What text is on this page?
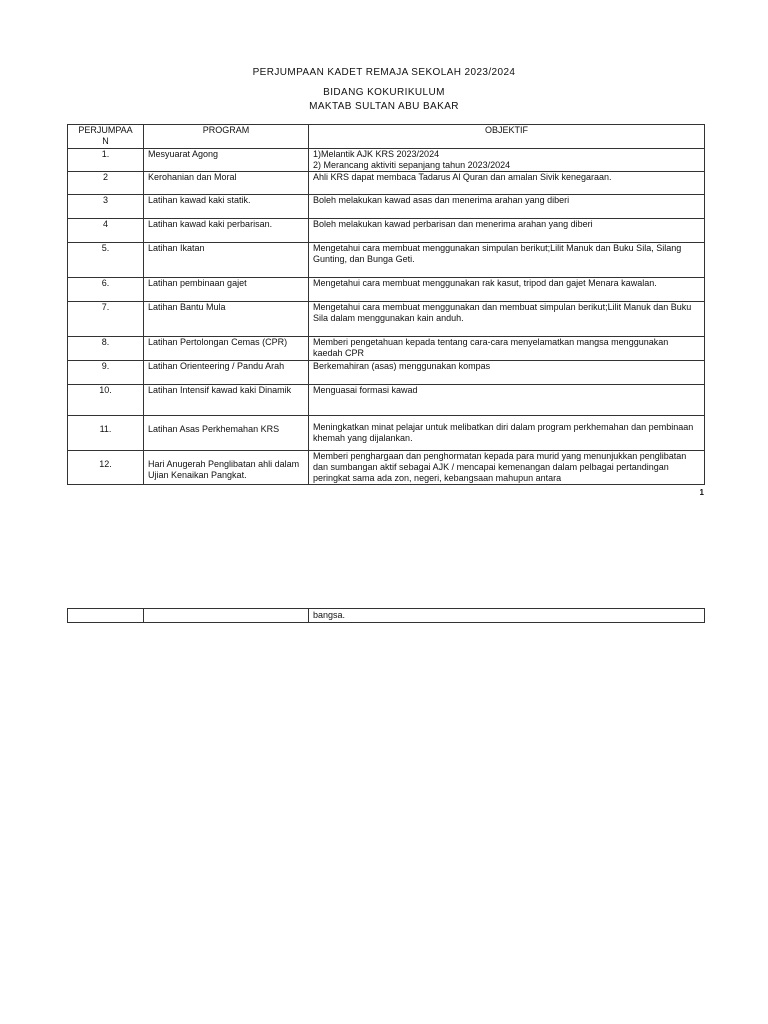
PERJUMPAAN KADET REMAJA SEKOLAH 2023/2024
BIDANG KOKURIKULUM
MAKTAB SULTAN ABU BAKAR
PERJUMPAA
N	PROGRAM	OBJEKTIF
1.	Mesyuarat Agong	1)Melantik AJK KRS 2023/2024
2) Merancang aktiviti sepanjang tahun 2023/2024
2	Kerohanian dan Moral	Ahli KRS dapat membaca Tadarus Al Quran dan amalan Sivik kenegaraan.
3	Latihan kawad kaki statik.	Boleh melakukan kawad asas dan menerima arahan yang diberi
4	Latihan kawad kaki perbarisan.	Boleh melakukan kawad perbarisan dan menerima arahan yang diberi
5.	Latihan Ikatan	Mengetahui cara membuat menggunakan simpulan berikut;Lilit Manuk dan Buku Sila, Silang Gunting, dan Bunga Geti.
6.	Latihan pembinaan gajet	Mengetahui cara membuat menggunakan rak kasut, tripod dan gajet Menara kawalan.
7.	Latihan Bantu Mula	Mengetahui cara membuat menggunakan dan membuat simpulan berikut;Lilit Manuk dan Buku Sila dalam menggunakan kain anduh.
8.	Latihan Pertolongan Cemas (CPR)	Memberi pengetahuan kepada tentang cara-cara menyelamatkan mangsa menggunakan kaedah CPR
9.	Latihan Orienteering / Pandu Arah	Berkemahiran (asas) menggunakan kompas
10.	Latihan Intensif kawad kaki Dinamik	Menguasai formasi kawad
11.	Latihan Asas Perkhemahan KRS	Meningkatkan minat pelajar untuk melibatkan diri dalam program perkhemahan dan pembinaan khemah yang dijalankan.
12.	Hari Anugerah Penglibatan ahli dalam Ujian Kenaikan Pangkat.	Memberi penghargaan dan penghormatan kepada para murid yang menunjukkan penglibatan dan sumbangan aktif sebagai AJK / mencapai kemenangan dalam pelbagai pertandingan peringkat sama ada zon, negeri, kebangsaan mahupun antara
1
		bangsa.
